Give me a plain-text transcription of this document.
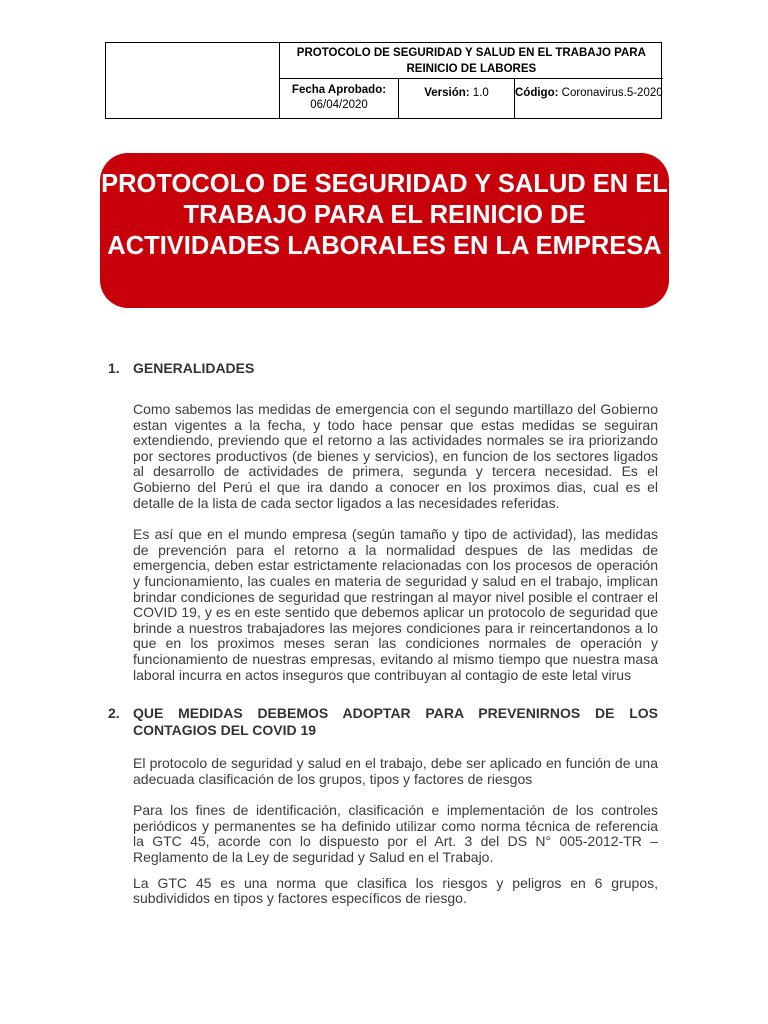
PROTOCOLO DE SEGURIDAD Y SALUD EN EL TRABAJO PARA REINICIO DE LABORES
Fecha Aprobado:
06/04/2020
Versión: 1.0	Código: Coronavirus.5-2020
PROTOCOLO DE SEGURIDAD Y SALUD EN EL TRABAJO PARA EL REINICIO DE ACTIVIDADES LABORALES EN LA EMPRESA
1. GENERALIDADES

Como sabemos las medidas de emergencia con el segundo martillazo del Gobierno estan vigentes a la fecha, y todo hace pensar que estas medidas se seguiran extendiendo, previendo que el retorno a las actividades normales se ira priorizando por sectores productivos (de bienes y servicios), en funcion de los sectores ligados al desarrollo de actividades de primera, segunda y tercera necesidad. Es el Gobierno del Perú el que ira dando a conocer en los proximos dias, cual es el detalle de la lista de cada sector ligados a las necesidades referidas.

Es así que en el mundo empresa (según tamaño y tipo de actividad), las medidas de prevención para el retorno a la normalidad despues de las medidas de emergencia, deben estar estrictamente relacionadas con los procesos de operación y funcionamiento, las cuales en materia de seguridad y salud en el trabajo, implican brindar condiciones de seguridad que restringan al mayor nivel posible el contraer el COVID 19, y es en este sentido que debemos aplicar un protocolo de seguridad que brinde a nuestros trabajadores las mejores condiciones para ir reincertandonos a lo que en los proximos meses seran las condiciones normales de operación y funcionamiento de nuestras empresas, evitando al mismo tiempo que nuestra masa laboral incurra en actos inseguros que contribuyan al contagio de este letal virus

2. QUE MEDIDAS DEBEMOS ADOPTAR PARA PREVENIRNOS DE LOS CONTAGIOS DEL COVID 19

El protocolo de seguridad y salud en el trabajo, debe ser aplicado en función de una adecuada clasificación de los grupos, tipos y factores de riesgos

Para los fines de identificación, clasificación e implementación de los controles periódicos y permanentes se ha definido utilizar como norma técnica de referencia la GTC 45, acorde con lo dispuesto por el Art. 3 del DS N° 005-2012-TR – Reglamento de la Ley de seguridad y Salud en el Trabajo.

La GTC 45 es una norma que clasifica los riesgos y peligros en 6 grupos, subdivididos en tipos y factores específicos de riesgo.
